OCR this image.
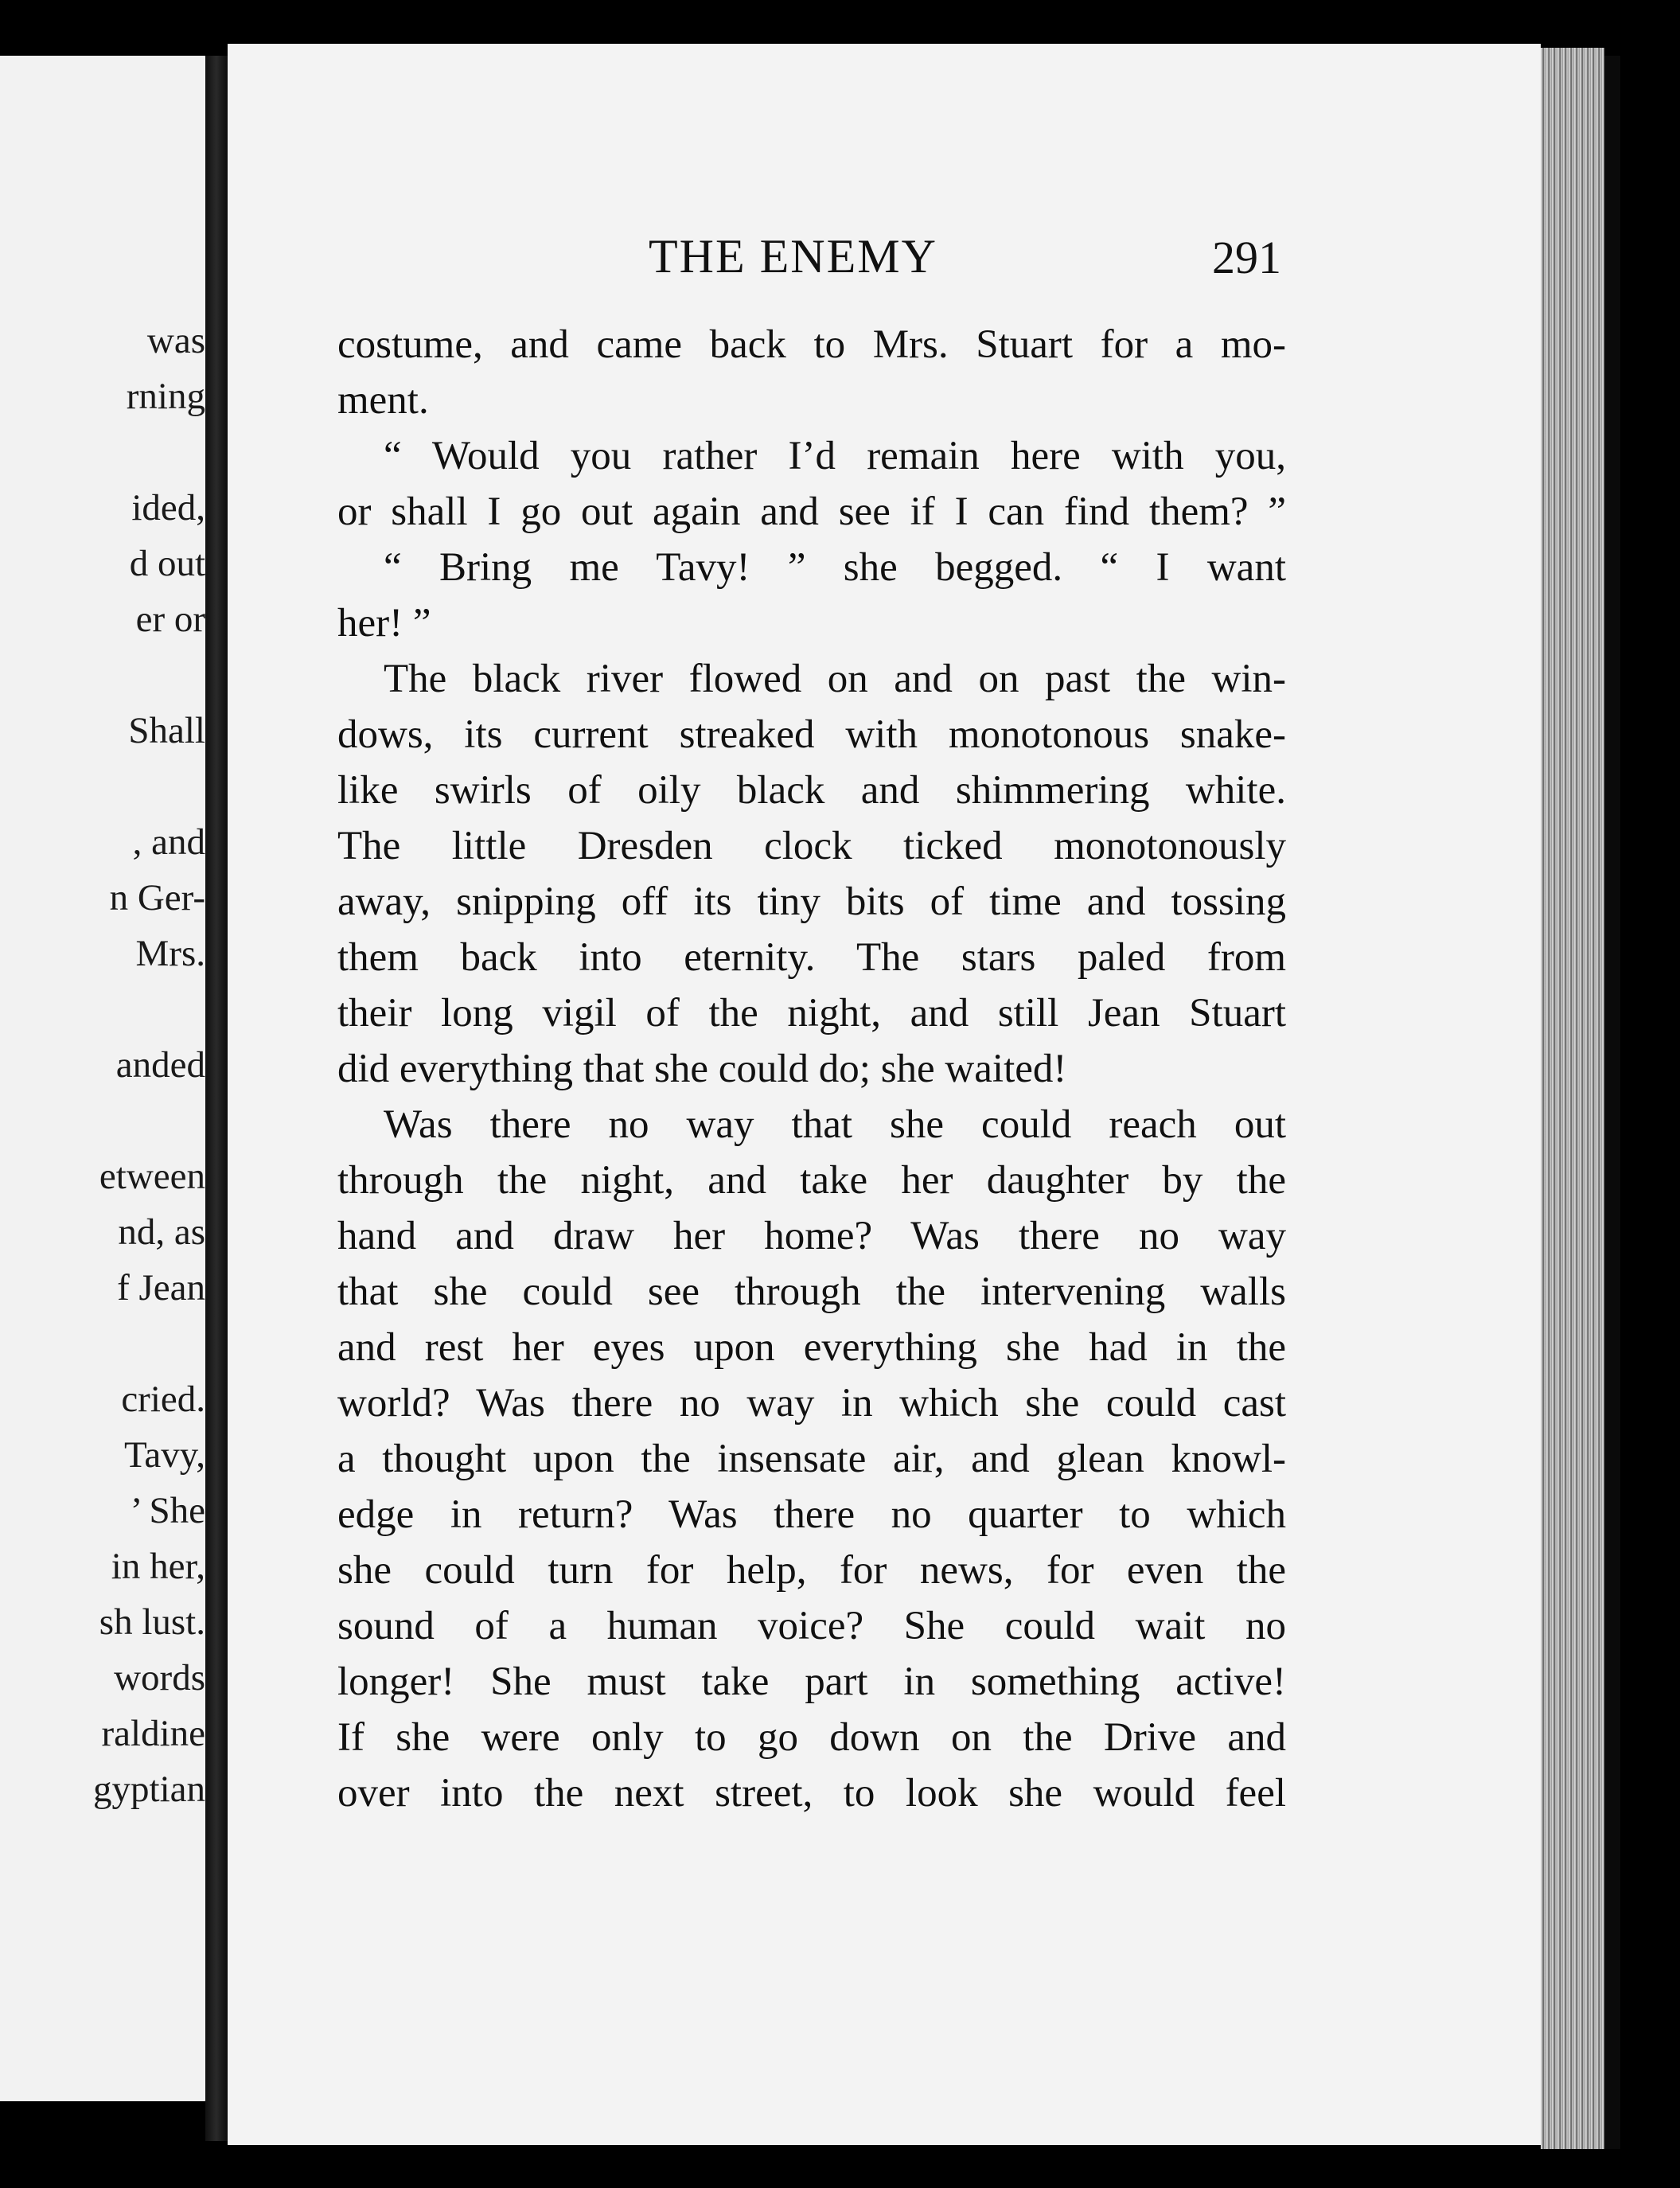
was
rning
ided,
d out
er or
Shall
, and
n Ger-
Mrs.
anded
etween
nd, as
f Jean
cried.
Tavy,
’ She
in her,
sh lust.
words
raldine
gyptian
THE ENEMY	291
costume, and came back to Mrs. Stuart for a mo-
ment.
“ Would you rather I’d remain here with you,
or shall I go out again and see if I can find them? ”
“ Bring me Tavy! ” she begged. “ I want
her! ”
The black river flowed on and on past the win-
dows, its current streaked with monotonous snake-
like swirls of oily black and shimmering white.
The little Dresden clock ticked monotonously
away, snipping off its tiny bits of time and tossing
them back into eternity. The stars paled from
their long vigil of the night, and still Jean Stuart
did everything that she could do; she waited!
Was there no way that she could reach out
through the night, and take her daughter by the
hand and draw her home? Was there no way
that she could see through the intervening walls
and rest her eyes upon everything she had in the
world? Was there no way in which she could cast
a thought upon the insensate air, and glean knowl-
edge in return? Was there no quarter to which
she could turn for help, for news, for even the
sound of a human voice? She could wait no
longer! She must take part in something active!
If she were only to go down on the Drive and
over into the next street, to look she would feel
